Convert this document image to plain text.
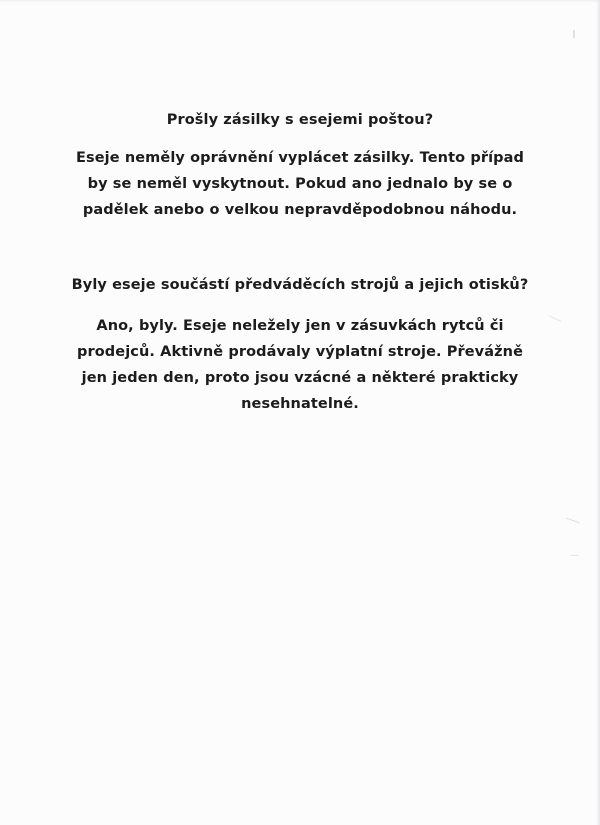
Prošly zásilky s esejemi poštou?
Eseje neměly oprávnění vyplácet zásilky. Tento případ
by se neměl vyskytnout. Pokud ano jednalo by se o
padělek anebo o velkou nepravděpodobnou náhodu.
Byly eseje součástí předváděcích strojů a jejich otisků?
Ano, byly. Eseje neležely jen v zásuvkách rytců či
prodejců. Aktivně prodávaly výplatní stroje. Převážně
jen jeden den, proto jsou vzácné a některé prakticky
nesehnatelné.
